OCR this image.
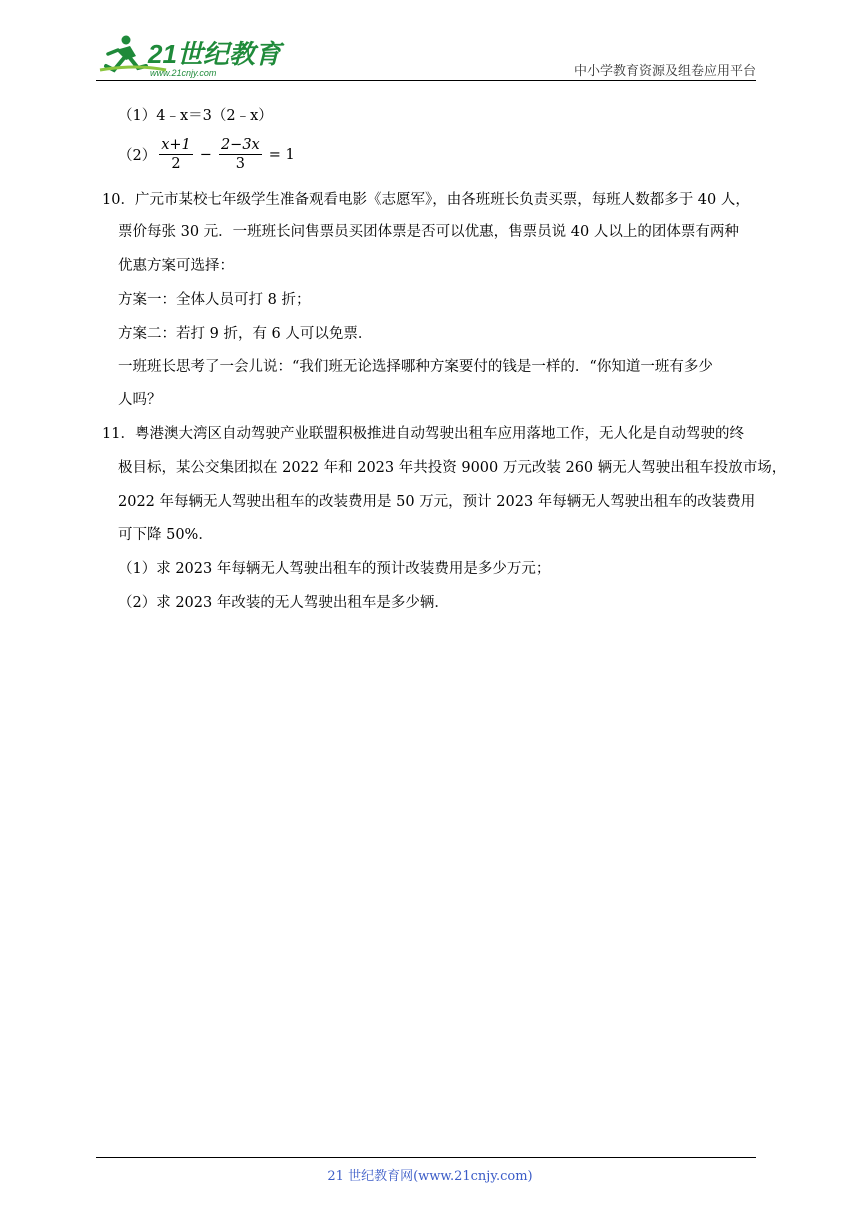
21世纪教育
www.21cnjy.com	中小学教育资源及组卷应用平台
（1）4﹣x＝3（2﹣x）
$(2) \frac{x+1}{2} - \frac{2-3x}{3} = 1$
10．广元市某校七年级学生准备观看电影《志愿军》，由各班班长负责买票，每班人数都多于 40 人，
票价每张 30 元．一班班长问售票员买团体票是否可以优惠，售票员说 40 人以上的团体票有两种
优惠方案可选择：
方案一：全体人员可打 8 折；
方案二：若打 9 折，有 6 人可以免票．
一班班长思考了一会儿说：“我们班无论选择哪种方案要付的钱是一样的．“你知道一班有多少
人吗？
11．粤港澳大湾区自动驾驶产业联盟积极推进自动驾驶出租车应用落地工作，无人化是自动驾驶的终
极目标，某公交集团拟在 2022 年和 2023 年共投资 9000 万元改装 260 辆无人驾驶出租车投放市场，
2022 年每辆无人驾驶出租车的改装费用是 50 万元，预计 2023 年每辆无人驾驶出租车的改装费用
可下降 50%．
（1）求 2023 年每辆无人驾驶出租车的预计改装费用是多少万元；
（2）求 2023 年改装的无人驾驶出租车是多少辆．
21 世纪教育网(www.21cnjy.com)
